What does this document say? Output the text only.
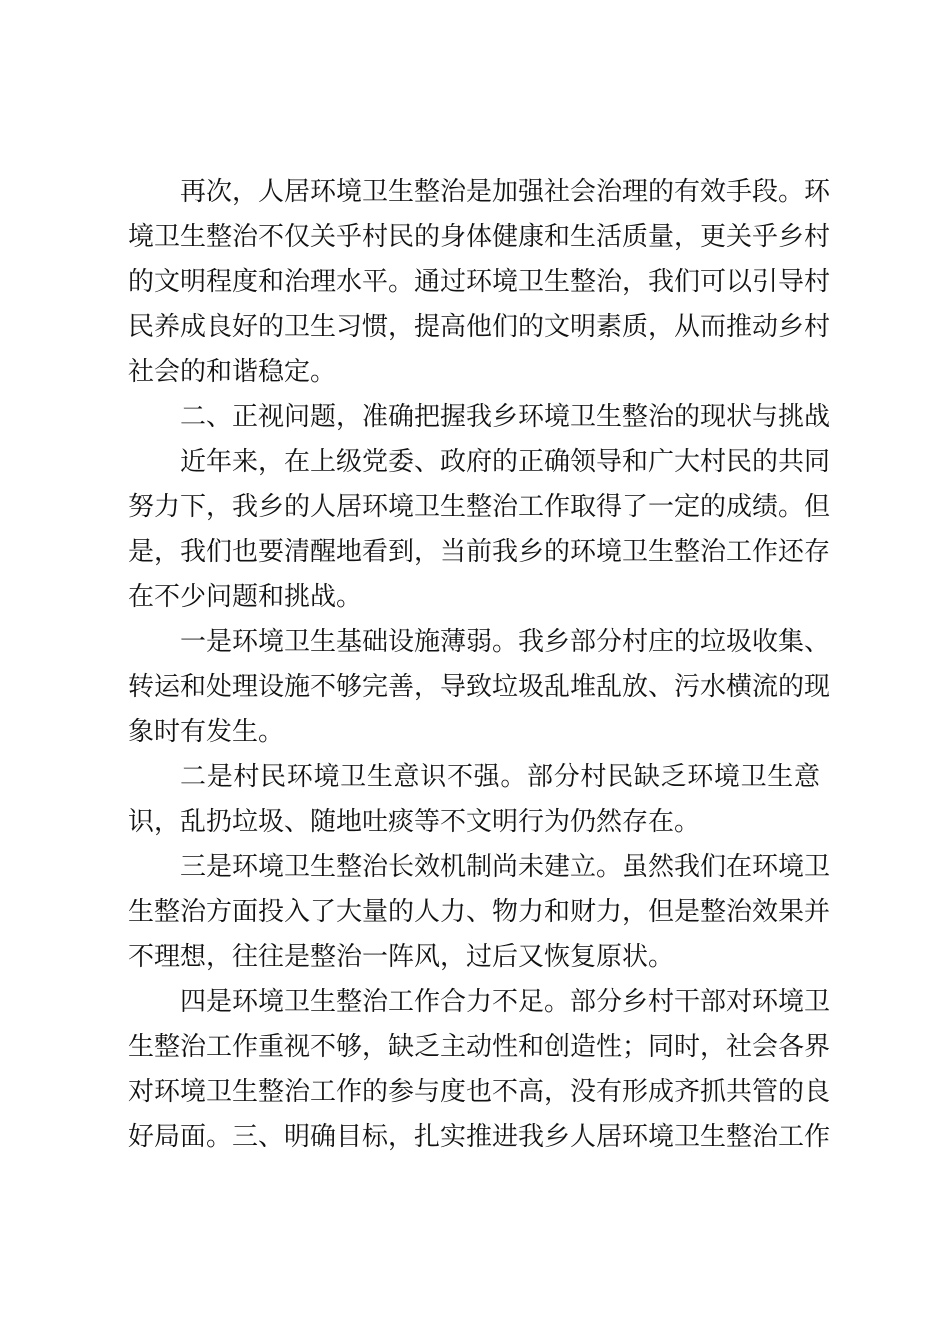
再次，人居环境卫生整治是加强社会治理的有效手段。环
境卫生整治不仅关乎村民的身体健康和生活质量，更关乎乡村
的文明程度和治理水平。通过环境卫生整治，我们可以引导村
民养成良好的卫生习惯，提高他们的文明素质，从而推动乡村
社会的和谐稳定。
二、正视问题，准确把握我乡环境卫生整治的现状与挑战
近年来，在上级党委、政府的正确领导和广大村民的共同
努力下，我乡的人居环境卫生整治工作取得了一定的成绩。但
是，我们也要清醒地看到，当前我乡的环境卫生整治工作还存
在不少问题和挑战。
一是环境卫生基础设施薄弱。我乡部分村庄的垃圾收集、
转运和处理设施不够完善，导致垃圾乱堆乱放、污水横流的现
象时有发生。
二是村民环境卫生意识不强。部分村民缺乏环境卫生意
识，乱扔垃圾、随地吐痰等不文明行为仍然存在。
三是环境卫生整治长效机制尚未建立。虽然我们在环境卫
生整治方面投入了大量的人力、物力和财力，但是整治效果并
不理想，往往是整治一阵风，过后又恢复原状。
四是环境卫生整治工作合力不足。部分乡村干部对环境卫
生整治工作重视不够，缺乏主动性和创造性；同时，社会各界
对环境卫生整治工作的参与度也不高，没有形成齐抓共管的良
好局面。三、明确目标，扎实推进我乡人居环境卫生整治工作
